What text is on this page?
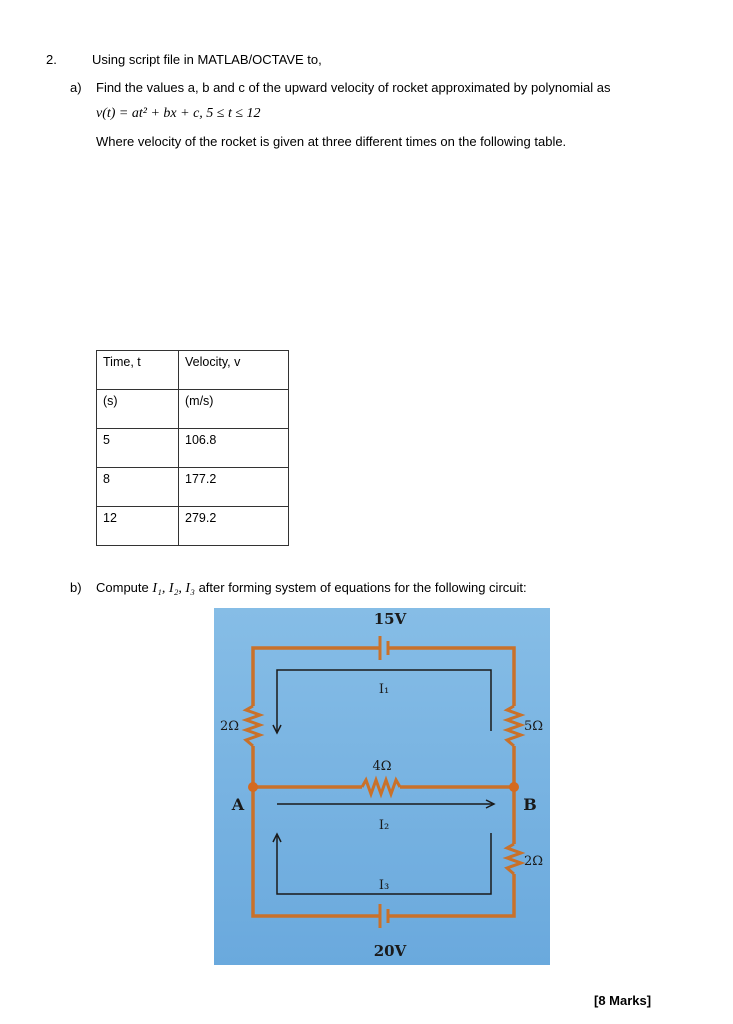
2.	Using script file in MATLAB/OCTAVE to,
a) Find the values a, b and c of the upward velocity of rocket approximated by polynomial as
v(t) = at² + bx + c, 5 ≤ t ≤ 12
Where velocity of the rocket is given at three different times on the following table.
Time, t	Velocity, v
(s)	(m/s)
5	106.8
8	177.2
12	279.2
b) Compute I₁, I₂, I₃ after forming system of equations for the following circuit:
15V
20V
2Ω	5Ω
4Ω
2Ω
A	B
I₁
I₂
I₃
[8 Marks]
